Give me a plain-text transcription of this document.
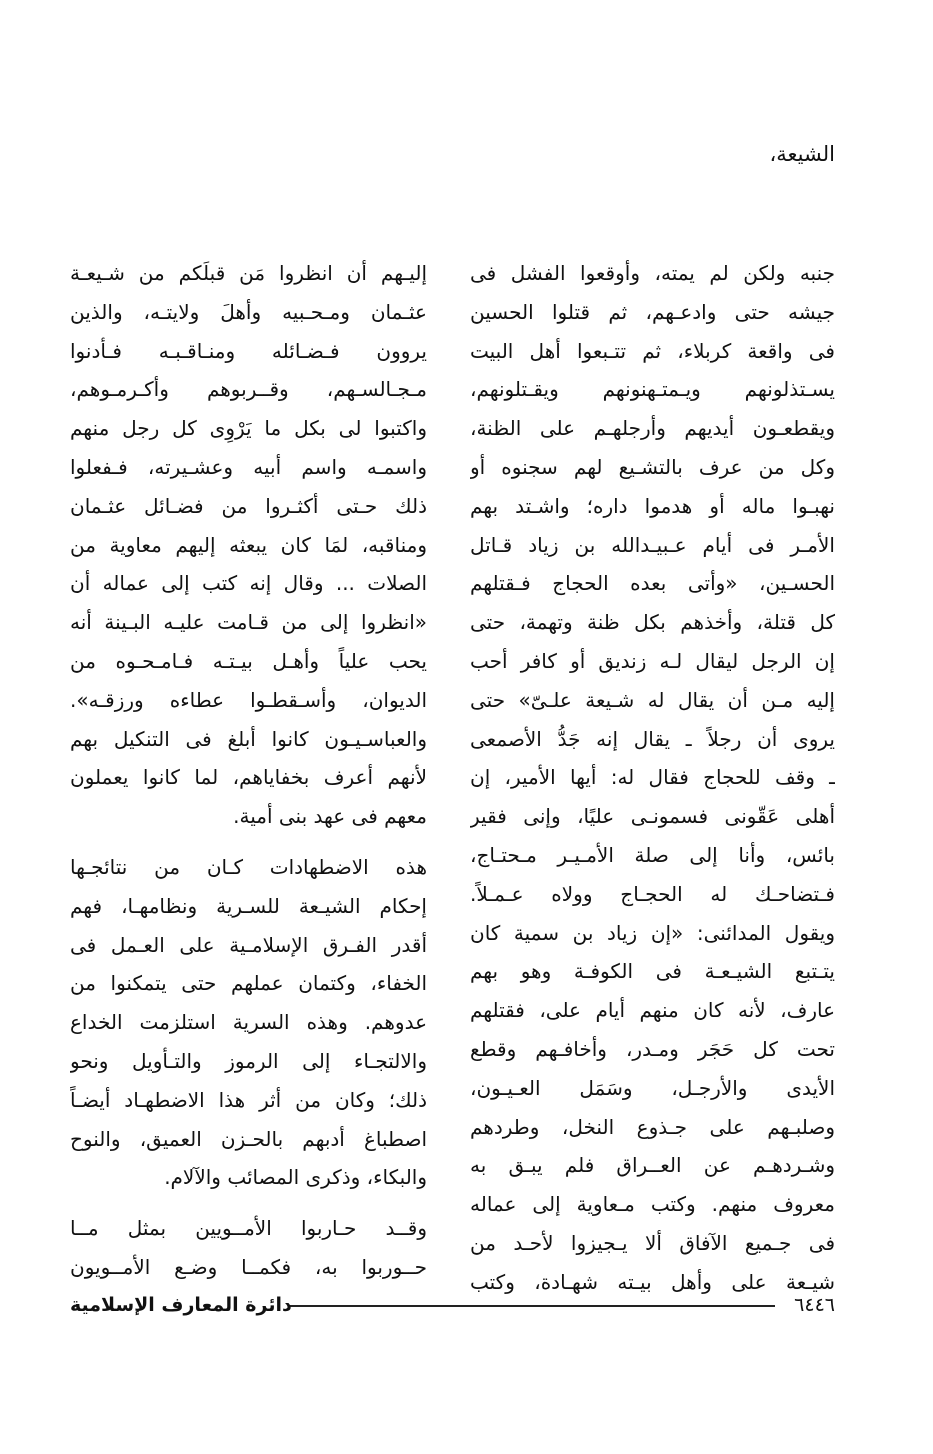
الشيعة،
جنبه ولكن لم يمته، وأوقعوا الفشل فى
جيشه حتى وادعـهم، ثم قتلوا الحسين
فى واقعة كربلاء، ثم تتـبعوا أهل البيت
يسـتذلونهم ويـمتـهنونهم ويقـتلونهم،
ويقطعـون أيديهم وأرجلهـم على الظنة،
وكل من عرف بالتشـيع لهم سجنوه أو
نهبـوا ماله أو هدموا داره؛ واشـتد بهم
الأمـر فى أيام عـبيـدالله بن زياد قـاتل
الحسـين، «وأتى بعده الحجاج فـقتلهم
كل قتلة، وأخذهم بكل ظنة وتهمة، حتى
إن الرجل ليقال لـه زنديق أو كافر أحب
إليه مـن أن يقال له شـيعة علـىّ» حتى
يروى أن رجلاً ـ يقال إنه جَدُّ الأصمعى
ـ وقف للحجاج فقال له: أيها الأمير، إن
أهلى عَقّونى فسمونـى عليًا، وإنى فقير
بائس، وأنا إلى صلة الأمـيـر مـحتـاج،
فـتضاحـك له الحجـاج وولاه عـمـلاً.
ويقول المدائنى: «إن زياد بن سمية كان
يتـتبع الشيـعـة فى الكوفـة وهو بهم
عارف، لأنه كان منهم أيام على، فقتلهم
تحت كل حَجَر ومـدر، وأخافـهم وقطع
الأيدى والأرجـل، وسَمَل العـيـون،
وصلبـهم على جـذوع النخل، وطردهم
وشـردهـم عن العــراق فلم يبـق به
معروف منهم. وكتب مـعاوية إلى عماله
فى جـميع الآفاق ألا يـجيزوا لأحـد من
شيـعة على وأهل بيـته شهـادة، وكتب
إليـهم أن انظروا مَن قبلَكم من شـيعـة
عثـمان ومـحـبيه وأهلَ ولايتـه، والذين
يروون فـضـائله ومنـاقـبـه فـأدنوا
مـجـالسـهم، وقــربوهم وأكـرمـوهم،
واكتبوا لى بكل ما يَرْوِى كل رجل منهم
واسمـه واسم أبيه وعشـيرته، فـفعلوا
ذلك حـتى أكثـروا من فضـائل عثـمان
ومناقبه، لمَا كان يبعثه إليهم معاوية من
الصلات ... وقال إنه كتب إلى عماله أن
«انظروا إلى من قـامت عليـه البـينة أنه
يحب علياً وأهـل بيـتـه فـامـحـوه من
الديوان، وأسـقطـوا عطاءه ورزقـه».
والعباسـيـون كانوا أبلغ فى التنكيل بهم
لأنهم أعرف بخفاياهم، لما كانوا يعملون
معهم فى عهد بنى أمية.
هذه الاضطهادات كـان من نتائجـها
إحكام الشيـعة للسـرية ونظامهـا، فهم
أقدر الفـرق الإسلامـية على العـمل فى
الخفاء، وكتمان عملهم حتى يتمكنوا من
عدوهم. وهذه السرية استلزمت الخداع
والالتجـاء إلى الرموز والتـأويل ونحو
ذلك؛ وكان من أثر هذا الاضطهـاد أيضـاً
اصطباغ أدبهم بالحـزن العميق، والنوح
والبكاء، وذكرى المصائب والآلام.
وقــد حـاربوا الأمــويين بمثل مــا
حــوربوا به، فكمــا وضـع الأمــويون
٦٤٤٦
دائرة المعارف الإسلامية
